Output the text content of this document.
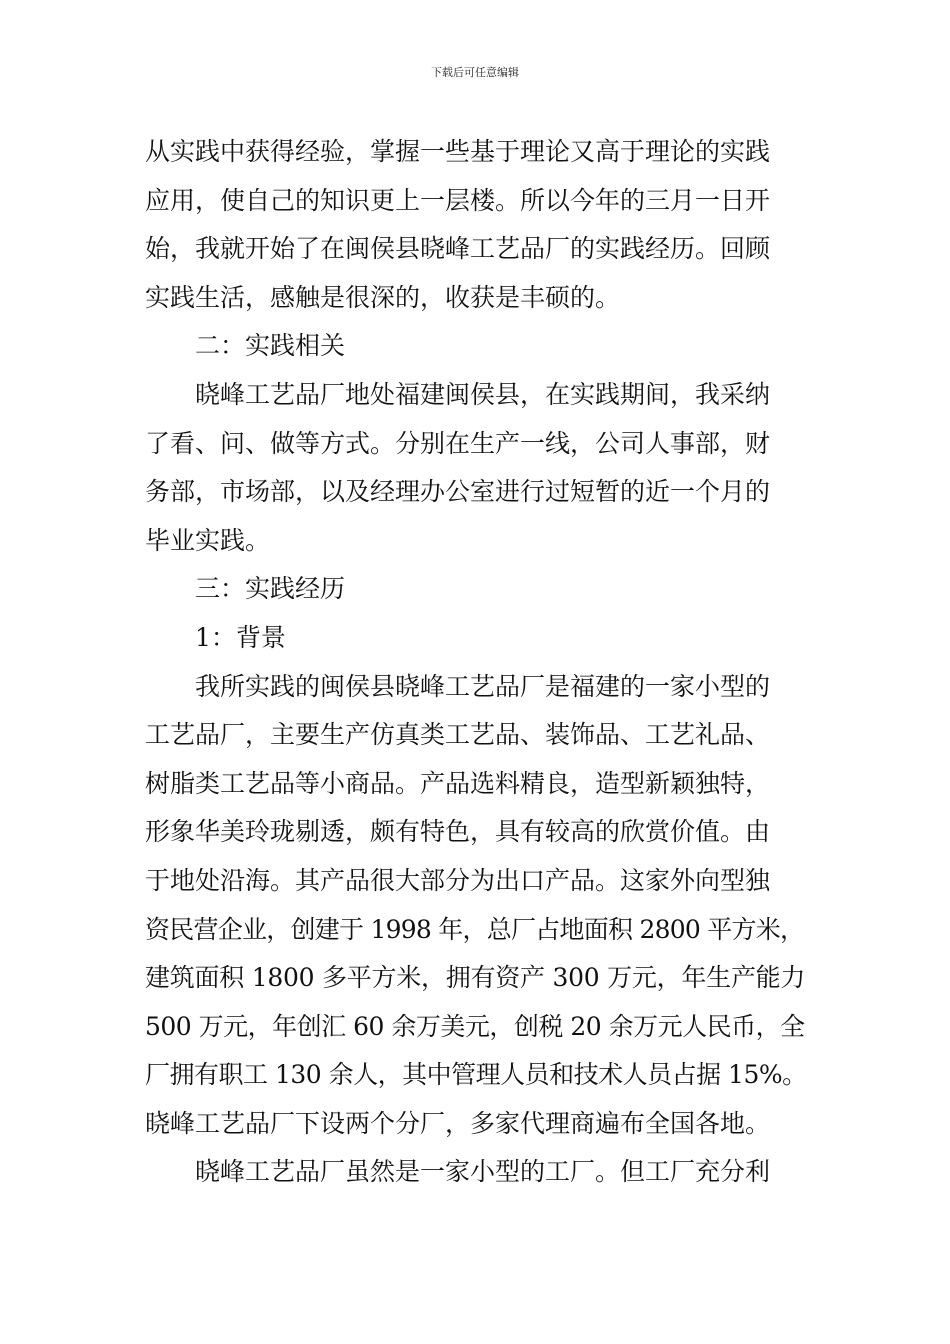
下载后可任意编辑
从实践中获得经验，掌握一些基于理论又高于理论的实践
应用，使自己的知识更上一层楼。所以今年的三月一日开
始，我就开始了在闽侯县晓峰工艺品厂的实践经历。回顾
实践生活，感触是很深的，收获是丰硕的。
二：实践相关
晓峰工艺品厂地处福建闽侯县，在实践期间，我采纳
了看、问、做等方式。分别在生产一线，公司人事部，财
务部，市场部，以及经理办公室进行过短暂的近一个月的
毕业实践。
三：实践经历
1：背景
我所实践的闽侯县晓峰工艺品厂是福建的一家小型的
工艺品厂，主要生产仿真类工艺品、装饰品、工艺礼品、
树脂类工艺品等小商品。产品选料精良，造型新颖独特，
形象华美玲珑剔透，颇有特色，具有较高的欣赏价值。由
于地处沿海。其产品很大部分为出口产品。这家外向型独
资民营企业，创建于 1998 年，总厂占地面积 2800 平方米，
建筑面积 1800 多平方米，拥有资产 300 万元，年生产能力
500 万元，年创汇 60 余万美元，创税 20 余万元人民币，全
厂拥有职工 130 余人，其中管理人员和技术人员占据 15%。
晓峰工艺品厂下设两个分厂，多家代理商遍布全国各地。
晓峰工艺品厂虽然是一家小型的工厂。但工厂充分利
